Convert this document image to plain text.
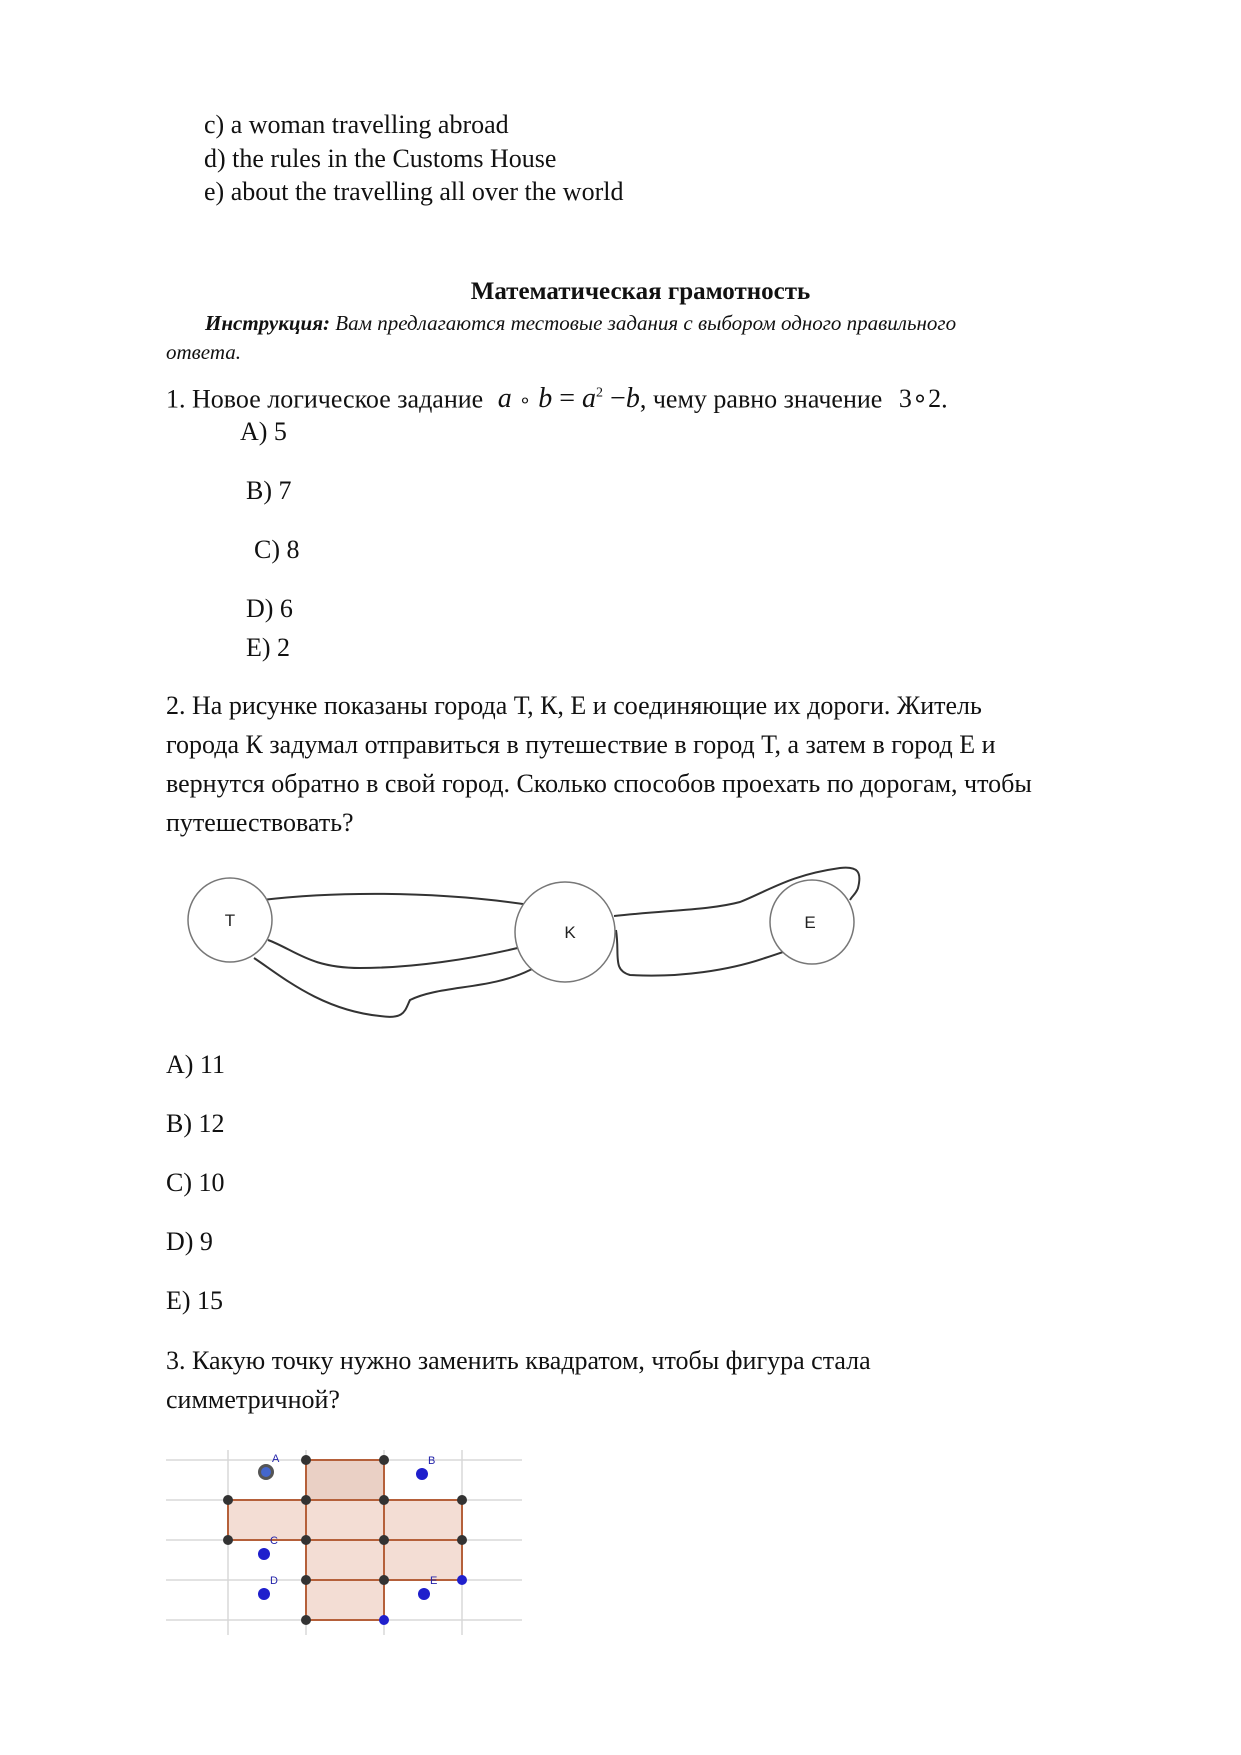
c) a woman travelling abroad
d) the rules in the Customs House
e) about the travelling all over the world
Математическая грамотность
Инструкция: Вам предлагаются тестовые задания с выбором одного правильного
ответа.
1. Новое логическое задание a ∘ $b = a^2 -b$, чему равно значение 3∘2.
A) 5
B) 7
C) 8
D) 6
E) 2
2. На рисунке показаны города Т, К, Е и соединяющие их дороги. Житель
города К задумал отправиться в путешествие в город Т, а затем в город Е и
вернутся обратно в свой город. Сколько способов проехать по дорогам, чтобы
путешествовать?
T
K
E
A) 11
B) 12
C) 10
D) 9
E) 15
3. Какую точку нужно заменить квадратом, чтобы фигура стала
симметричной?
A	B
C
D	E
